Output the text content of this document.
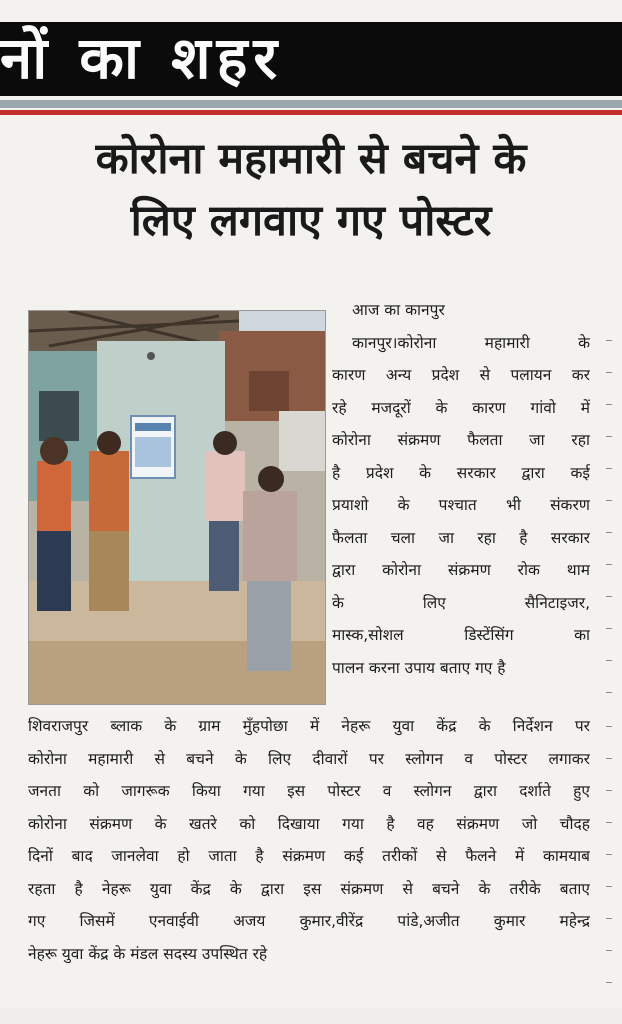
नों का शहर
कोरोना महामारी से बचने के
लिए लगवाए गए पोस्टर
आज का कानपुर
कानपुर।कोरोना महामारी के
कारण अन्य प्रदेश से पलायन कर
रहे मजदूरों के कारण गांवो में
कोरोना संक्रमण फैलता जा रहा
है प्रदेश के सरकार द्वारा कई
प्रयाशो के पश्चात भी संकरण
फैलता चला जा रहा है सरकार
द्वारा कोरोना संक्रमण रोक थाम
के लिए सैनिटाइजर,
मास्क,सोशल डिस्टेंसिंग का
पालन करना उपाय बताए गए है
शिवराजपुर ब्लाक के ग्राम मुँहपोछा में नेहरू युवा केंद्र के निर्देशन पर
कोरोना महामारी से बचने के लिए दीवारों पर स्लोगन व पोस्टर लगाकर
जनता को जागरूक किया गया इस पोस्टर व स्लोगन द्वारा दर्शाते हुए
कोरोना संक्रमण के खतरे को दिखाया गया है वह संक्रमण जो चौदह
दिनों बाद जानलेवा हो जाता है संक्रमण कई तरीकों से फैलने में कामयाब
रहता है नेहरू युवा केंद्र के द्वारा इस संक्रमण से बचने के तरीके बताए
गए जिसमें एनवाईवी अजय कुमार,वीरेंद्र पांडे,अजीत कुमार महेन्द्र
नेहरू युवा केंद्र के मंडल सदस्य उपस्थित रहे
